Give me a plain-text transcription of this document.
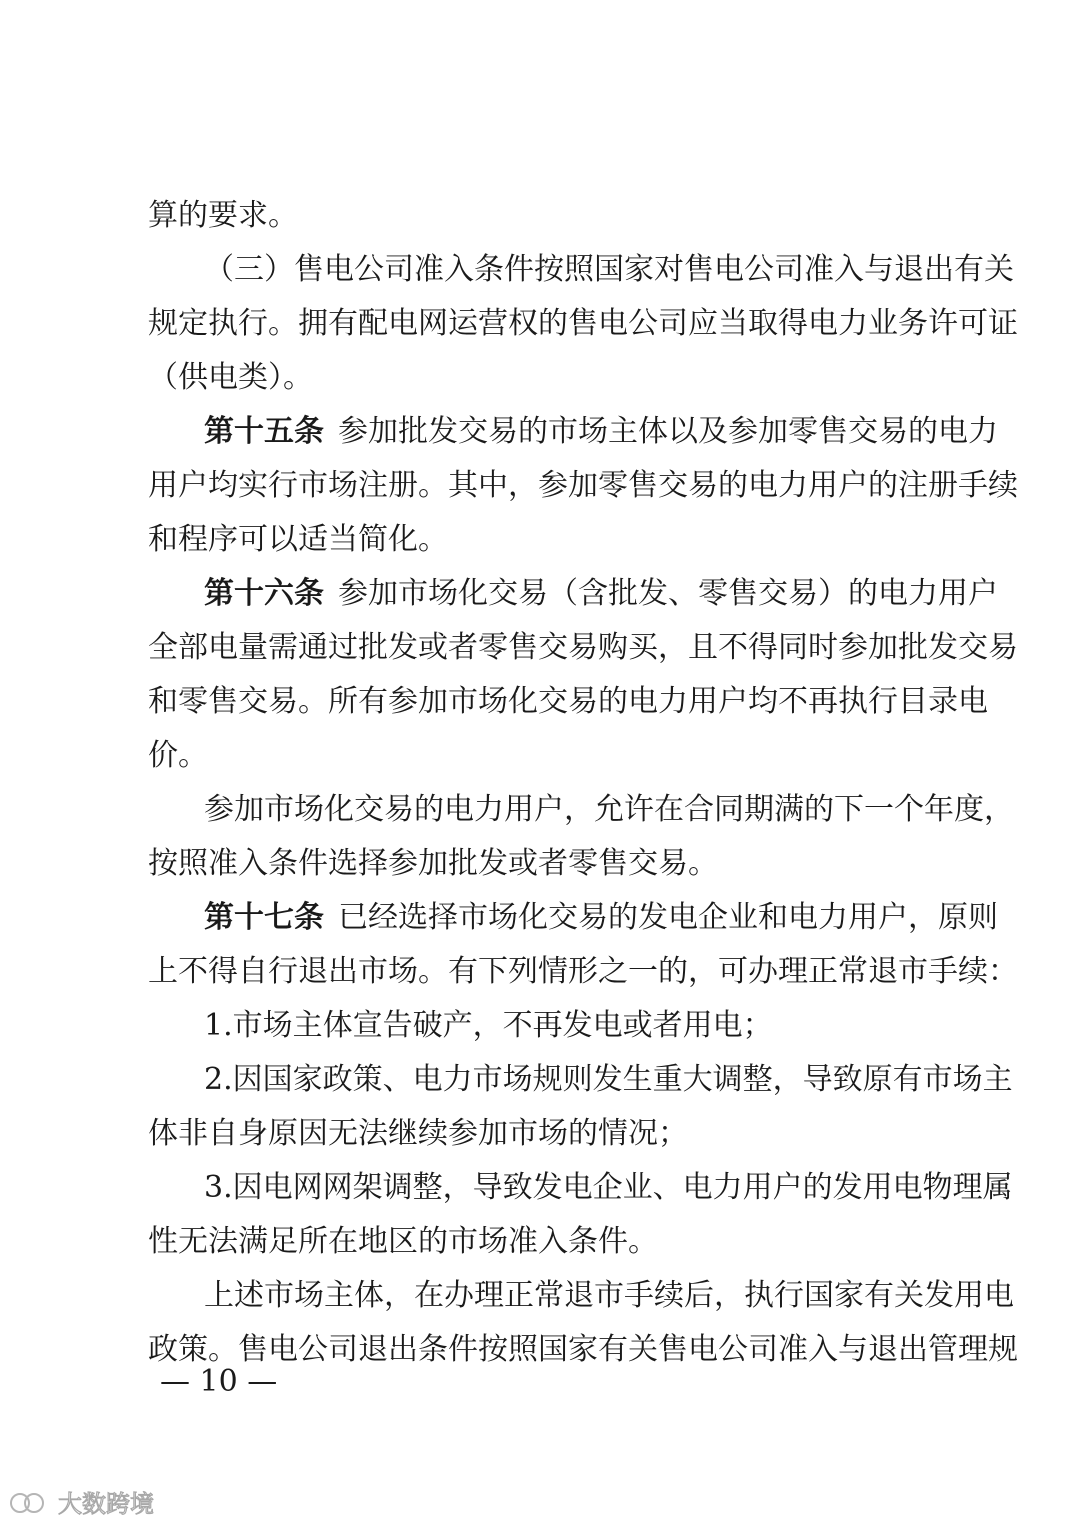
算的要求。
（三）售电公司准入条件按照国家对售电公司准入与退出有关
规定执行。拥有配电网运营权的售电公司应当取得电力业务许可证
（供电类）。
第十五条 参加批发交易的市场主体以及参加零售交易的电力
用户均实行市场注册。其中，参加零售交易的电力用户的注册手续
和程序可以适当简化。
第十六条 参加市场化交易（含批发、零售交易）的电力用户
全部电量需通过批发或者零售交易购买，且不得同时参加批发交易
和零售交易。所有参加市场化交易的电力用户均不再执行目录电
价。
参加市场化交易的电力用户，允许在合同期满的下一个年度，
按照准入条件选择参加批发或者零售交易。
第十七条 已经选择市场化交易的发电企业和电力用户，原则
上不得自行退出市场。有下列情形之一的，可办理正常退市手续：
1.市场主体宣告破产，不再发电或者用电；
2.因国家政策、电力市场规则发生重大调整，导致原有市场主
体非自身原因无法继续参加市场的情况；
3.因电网网架调整，导致发电企业、电力用户的发用电物理属
性无法满足所在地区的市场准入条件。
上述市场主体，在办理正常退市手续后，执行国家有关发用电
政策。售电公司退出条件按照国家有关售电公司准入与退出管理规
— 10 —
大数跨境
